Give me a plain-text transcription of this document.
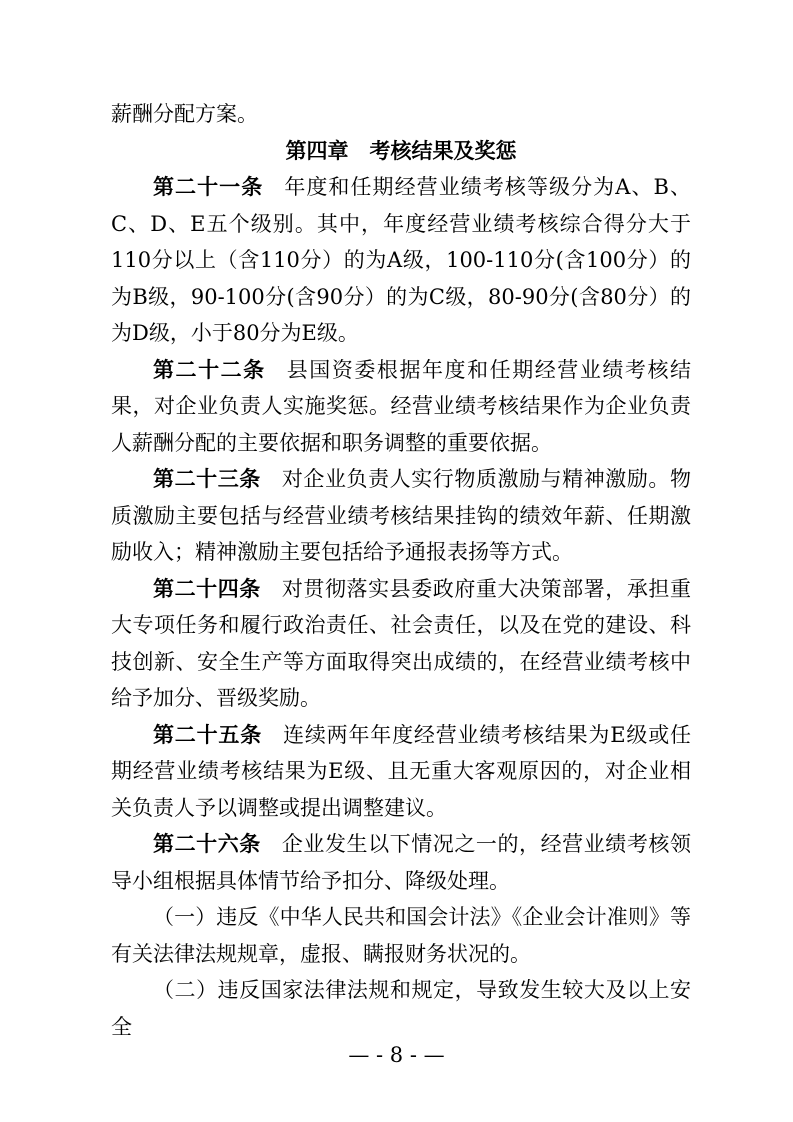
薪酬分配方案。

第四章 考核结果及奖惩

第二十一条 年度和任期经营业绩考核等级分为A、B、C、D、E五个级别。其中，年度经营业绩考核综合得分大于110分以上（含110分）的为A级，100-110分(含100分）的为B级，90-100分(含90分）的为C级，80-90分(含80分）的为D级，小于80分为E级。

第二十二条 县国资委根据年度和任期经营业绩考核结果，对企业负责人实施奖惩。经营业绩考核结果作为企业负责人薪酬分配的主要依据和职务调整的重要依据。

第二十三条 对企业负责人实行物质激励与精神激励。物质激励主要包括与经营业绩考核结果挂钩的绩效年薪、任期激励收入；精神激励主要包括给予通报表扬等方式。

第二十四条 对贯彻落实县委政府重大决策部署，承担重大专项任务和履行政治责任、社会责任，以及在党的建设、科技创新、安全生产等方面取得突出成绩的，在经营业绩考核中给予加分、晋级奖励。

第二十五条 连续两年年度经营业绩考核结果为E级或任期经营业绩考核结果为E级、且无重大客观原因的，对企业相关负责人予以调整或提出调整建议。

第二十六条 企业发生以下情况之一的，经营业绩考核领导小组根据具体情节给予扣分、降级处理。

（一）违反《中华人民共和国会计法》《企业会计准则》等有关法律法规规章，虚报、瞒报财务状况的。

（二）违反国家法律法规和规定，导致发生较大及以上安全

— - 8 - —
